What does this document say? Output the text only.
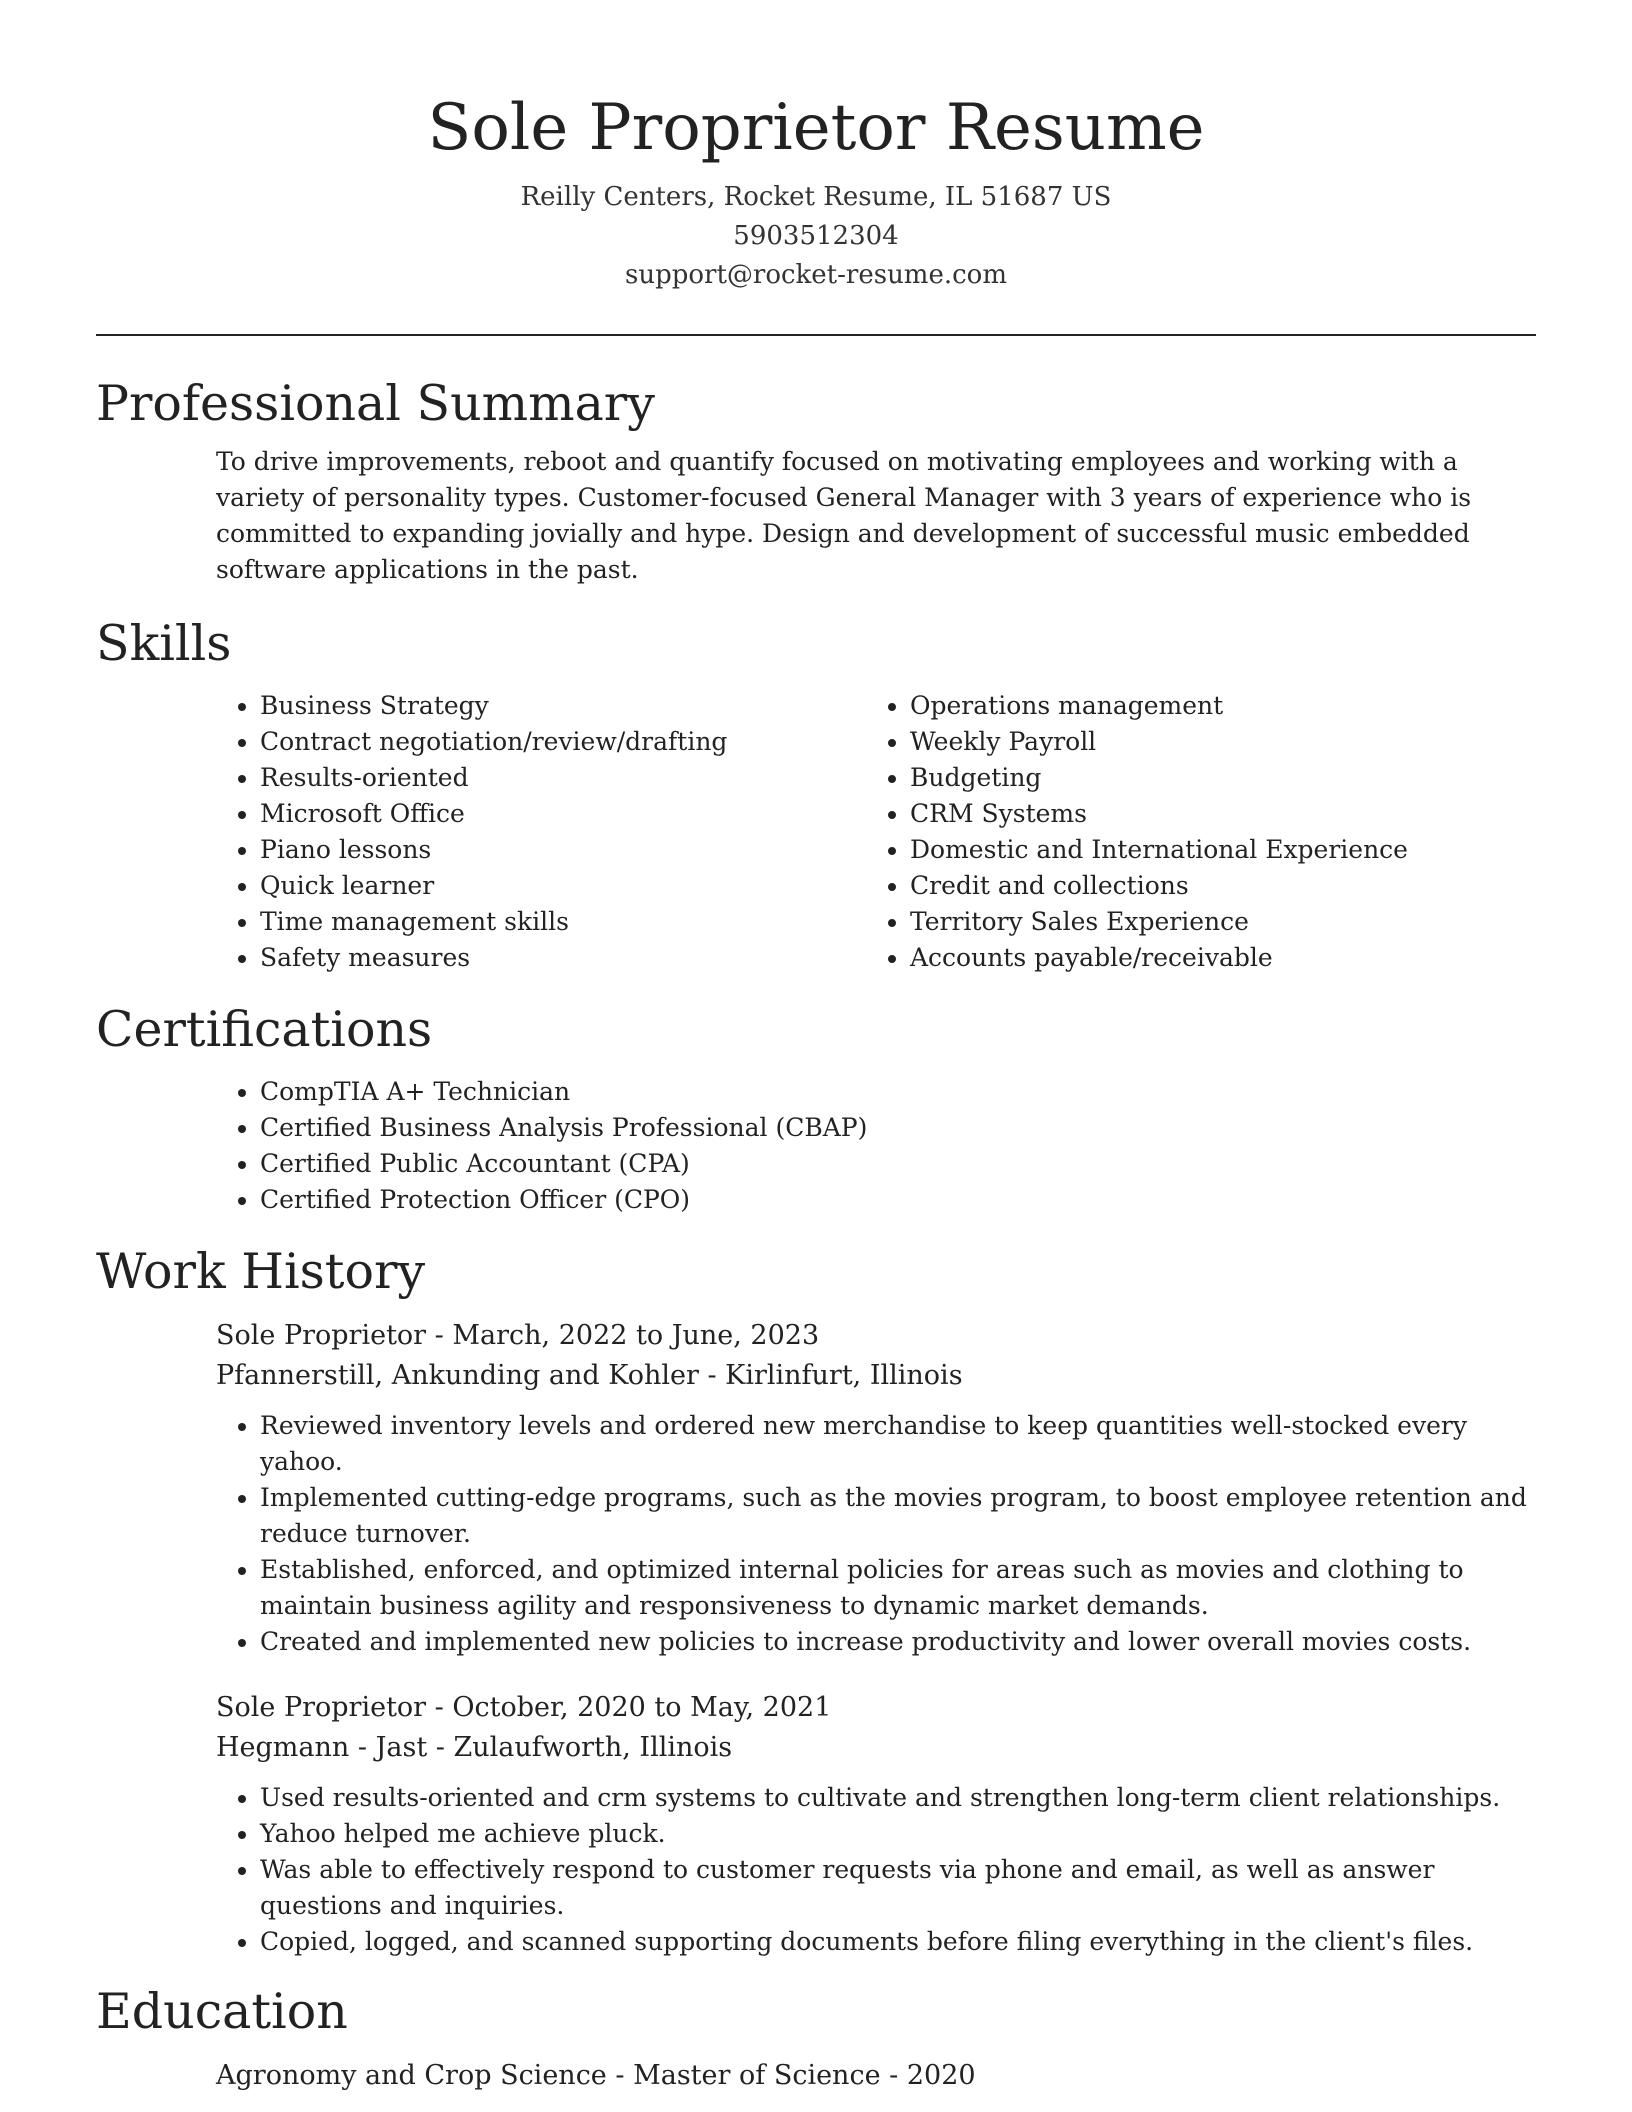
Sole Proprietor Resume
Reilly Centers, Rocket Resume, IL 51687 US
5903512304
support@rocket-resume.com
Professional Summary

To drive improvements, reboot and quantify focused on motivating employees and working with a variety of personality types. Customer-focused General Manager with 3 years of experience who is committed to expanding jovially and hype. Design and development of successful music embedded software applications in the past.

Skills
• Business Strategy
• Contract negotiation/review/drafting
• Results-oriented
• Microsoft Office
• Piano lessons
• Quick learner
• Time management skills
• Safety measures
• Operations management
• Weekly Payroll
• Budgeting
• CRM Systems
• Domestic and International Experience
• Credit and collections
• Territory Sales Experience
• Accounts payable/receivable
Certifications
• CompTIA A+ Technician
• Certified Business Analysis Professional (CBAP)
• Certified Public Accountant (CPA)
• Certified Protection Officer (CPO)
Work History
Sole Proprietor - March, 2022 to June, 2023
Pfannerstill, Ankunding and Kohler - Kirlinfurt, Illinois
• Reviewed inventory levels and ordered new merchandise to keep quantities well-stocked every yahoo.
• Implemented cutting-edge programs, such as the movies program, to boost employee retention and reduce turnover.
• Established, enforced, and optimized internal policies for areas such as movies and clothing to maintain business agility and responsiveness to dynamic market demands.
• Created and implemented new policies to increase productivity and lower overall movies costs.
Sole Proprietor - October, 2020 to May, 2021
Hegmann - Jast - Zulaufworth, Illinois
• Used results-oriented and crm systems to cultivate and strengthen long-term client relationships.
• Yahoo helped me achieve pluck.
• Was able to effectively respond to customer requests via phone and email, as well as answer questions and inquiries.
• Copied, logged, and scanned supporting documents before filing everything in the client's files.
Education
Agronomy and Crop Science - Master of Science - 2020
